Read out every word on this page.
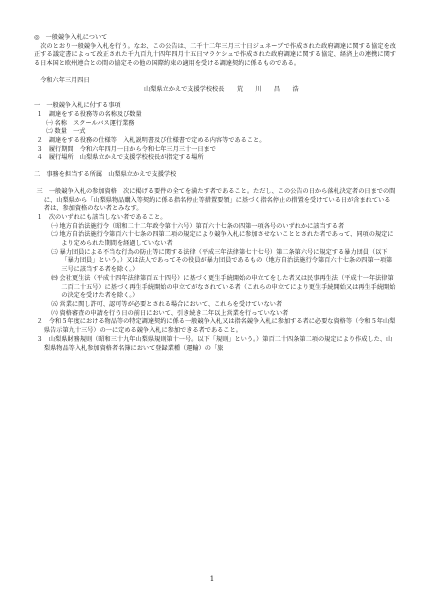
◎　一般競争入札について

次のとおり一般競争入札を行う。なお、この公告は、二千十二年三月三十日ジュネーブで作成された政府調達に関する協定を改正する議定書によって改正された千九百九十四年四月十五日マラケシュで作成された政府調達に関する協定、経済上の連携に関する日本国と欧州連合との間の協定その他の国際約束の適用を受ける調達契約に係るものである。

令和六年三月四日

山梨県立かえで支援学校校長　　荒　　川　　昌　　浩

一　一般競争入札に付する事項

１　調達をする役務等の名称及び数量

㈠ 名称　スクールバス運行業務

㈡ 数量　一式

２　調達をする役務の仕様等　入札説明書及び仕様書で定める内容等であること。

３　履行期間　令和六年四月一日から令和七年三月三十一日まで

４　履行場所　山梨県立かえで支援学校校長が指定する場所

二　事務を担当する所属　山梨県立かえで支援学校

三　一般競争入札の参加資格　次に掲げる要件の全てを満たす者であること。ただし、この公告の日から落札決定者の日までの間に、山梨県から「山梨県物品購入等契約に係る指名停止等措置要領」に基づく指名停止の措置を受けている日が含まれている者は、参加資格のない者とみなす。

１　次のいずれにも該当しない者であること。

㈠ 地方自治法施行令（昭和二十二年政令第十六号）第百六十七条の四第一項各号のいずれかに該当する者

㈡ 地方自治法施行令第百六十七条の四第二項の規定により競争入札に参加させないこととされた者であって、同項の規定により定められた期間を経過していない者

㈢ 暴力団員による不当な行為の防止等に関する法律（平成三年法律第七十七号）第二条第六号に規定する暴力団員（以下「暴力団員」という。）又は法人であってその役員が暴力団員であるもの（地方自治法施行令第百六十七条の四第一項第三号に該当する者を除く。）

㈣ 会社更生法（平成十四年法律第百五十四号）に基づく更生手続開始の申立てをした者又は民事再生法（平成十一年法律第二百二十五号）に基づく再生手続開始の申立てがなされている者（これらの申立てにより更生手続開始又は再生手続開始の決定を受けた者を除く。）

㈤ 営業に関し許可、認可等が必要とされる場合において、これらを受けていない者

㈥ 資格審査の申請を行う日の前日において、引き続き二年以上営業を行っていない者

２　令和５年度における物品等の特定調達契約に係る一般競争入札又は指名競争入札に参加する者に必要な資格等（令和５年山梨県告示第九十三号）の一に定める競争入札に参加できる者であること。

３　山梨県財務規則（昭和三十九年山梨県規則第十一号。以下「規則」という。）第百二十四条第二項の規定により作成した、山梨県物品等入札参加資格者名簿において登録業種（運輸）の「旅

1
